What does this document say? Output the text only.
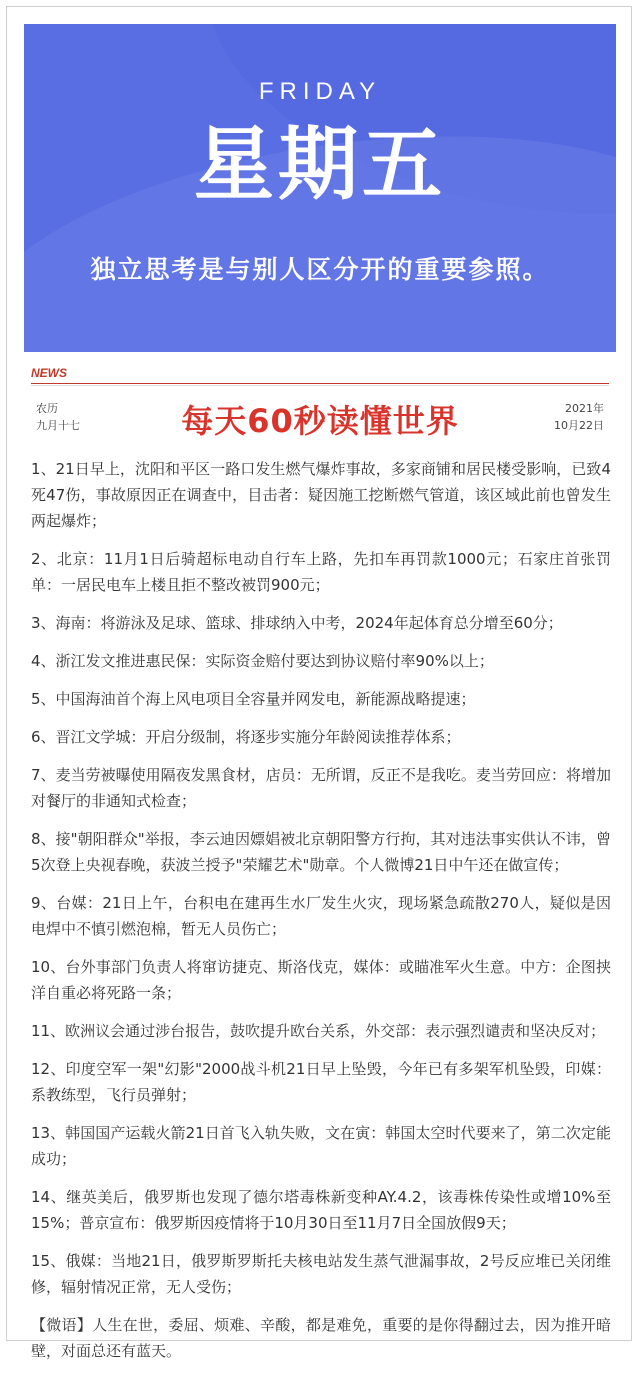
FRIDAY
星期五
独立思考是与别人区分开的重要参照。
NEWS
农历
九月十七	每天60秒读懂世界	2021年
10月22日

1、21日早上，沈阳和平区一路口发生燃气爆炸事故，多家商铺和居民楼受影响，已致4死47伤，事故原因正在调查中，目击者：疑因施工挖断燃气管道，该区域此前也曾发生两起爆炸；

2、北京：11月1日后骑超标电动自行车上路，先扣车再罚款1000元；石家庄首张罚单：一居民电车上楼且拒不整改被罚900元；

3、海南：将游泳及足球、篮球、排球纳入中考，2024年起体育总分增至60分；

4、浙江发文推进惠民保：实际资金赔付要达到协议赔付率90%以上；

5、中国海油首个海上风电项目全容量并网发电，新能源战略提速；

6、晋江文学城：开启分级制，将逐步实施分年龄阅读推荐体系；

7、麦当劳被曝使用隔夜发黑食材，店员：无所谓，反正不是我吃。麦当劳回应：将增加对餐厅的非通知式检查；

8、接"朝阳群众"举报，李云迪因嫖娼被北京朝阳警方行拘，其对违法事实供认不讳，曾5次登上央视春晚，获波兰授予"荣耀艺术"勋章。个人微博21日中午还在做宣传；

9、台媒：21日上午，台积电在建再生水厂发生火灾，现场紧急疏散270人，疑似是因电焊中不慎引燃泡棉，暂无人员伤亡；

10、台外事部门负责人将窜访捷克、斯洛伐克，媒体：或瞄准军火生意。中方：企图挟洋自重必将死路一条；

11、欧洲议会通过涉台报告，鼓吹提升欧台关系，外交部：表示强烈谴责和坚决反对；

12、印度空军一架"幻影"2000战斗机21日早上坠毁，今年已有多架军机坠毁，印媒：系教练型，飞行员弹射；

13、韩国国产运载火箭21日首飞入轨失败，文在寅：韩国太空时代要来了，第二次定能成功；

14、继英美后，俄罗斯也发现了德尔塔毒株新变种AY.4.2，该毒株传染性或增10%至15%；普京宣布：俄罗斯因疫情将于10月30日至11月7日全国放假9天；

15、俄媒：当地21日，俄罗斯罗斯托夫核电站发生蒸气泄漏事故，2号反应堆已关闭维修，辐射情况正常，无人受伤；

【微语】人生在世，委屈、烦难、辛酸，都是难免，重要的是你得翻过去，因为推开暗壁，对面总还有蓝天。
